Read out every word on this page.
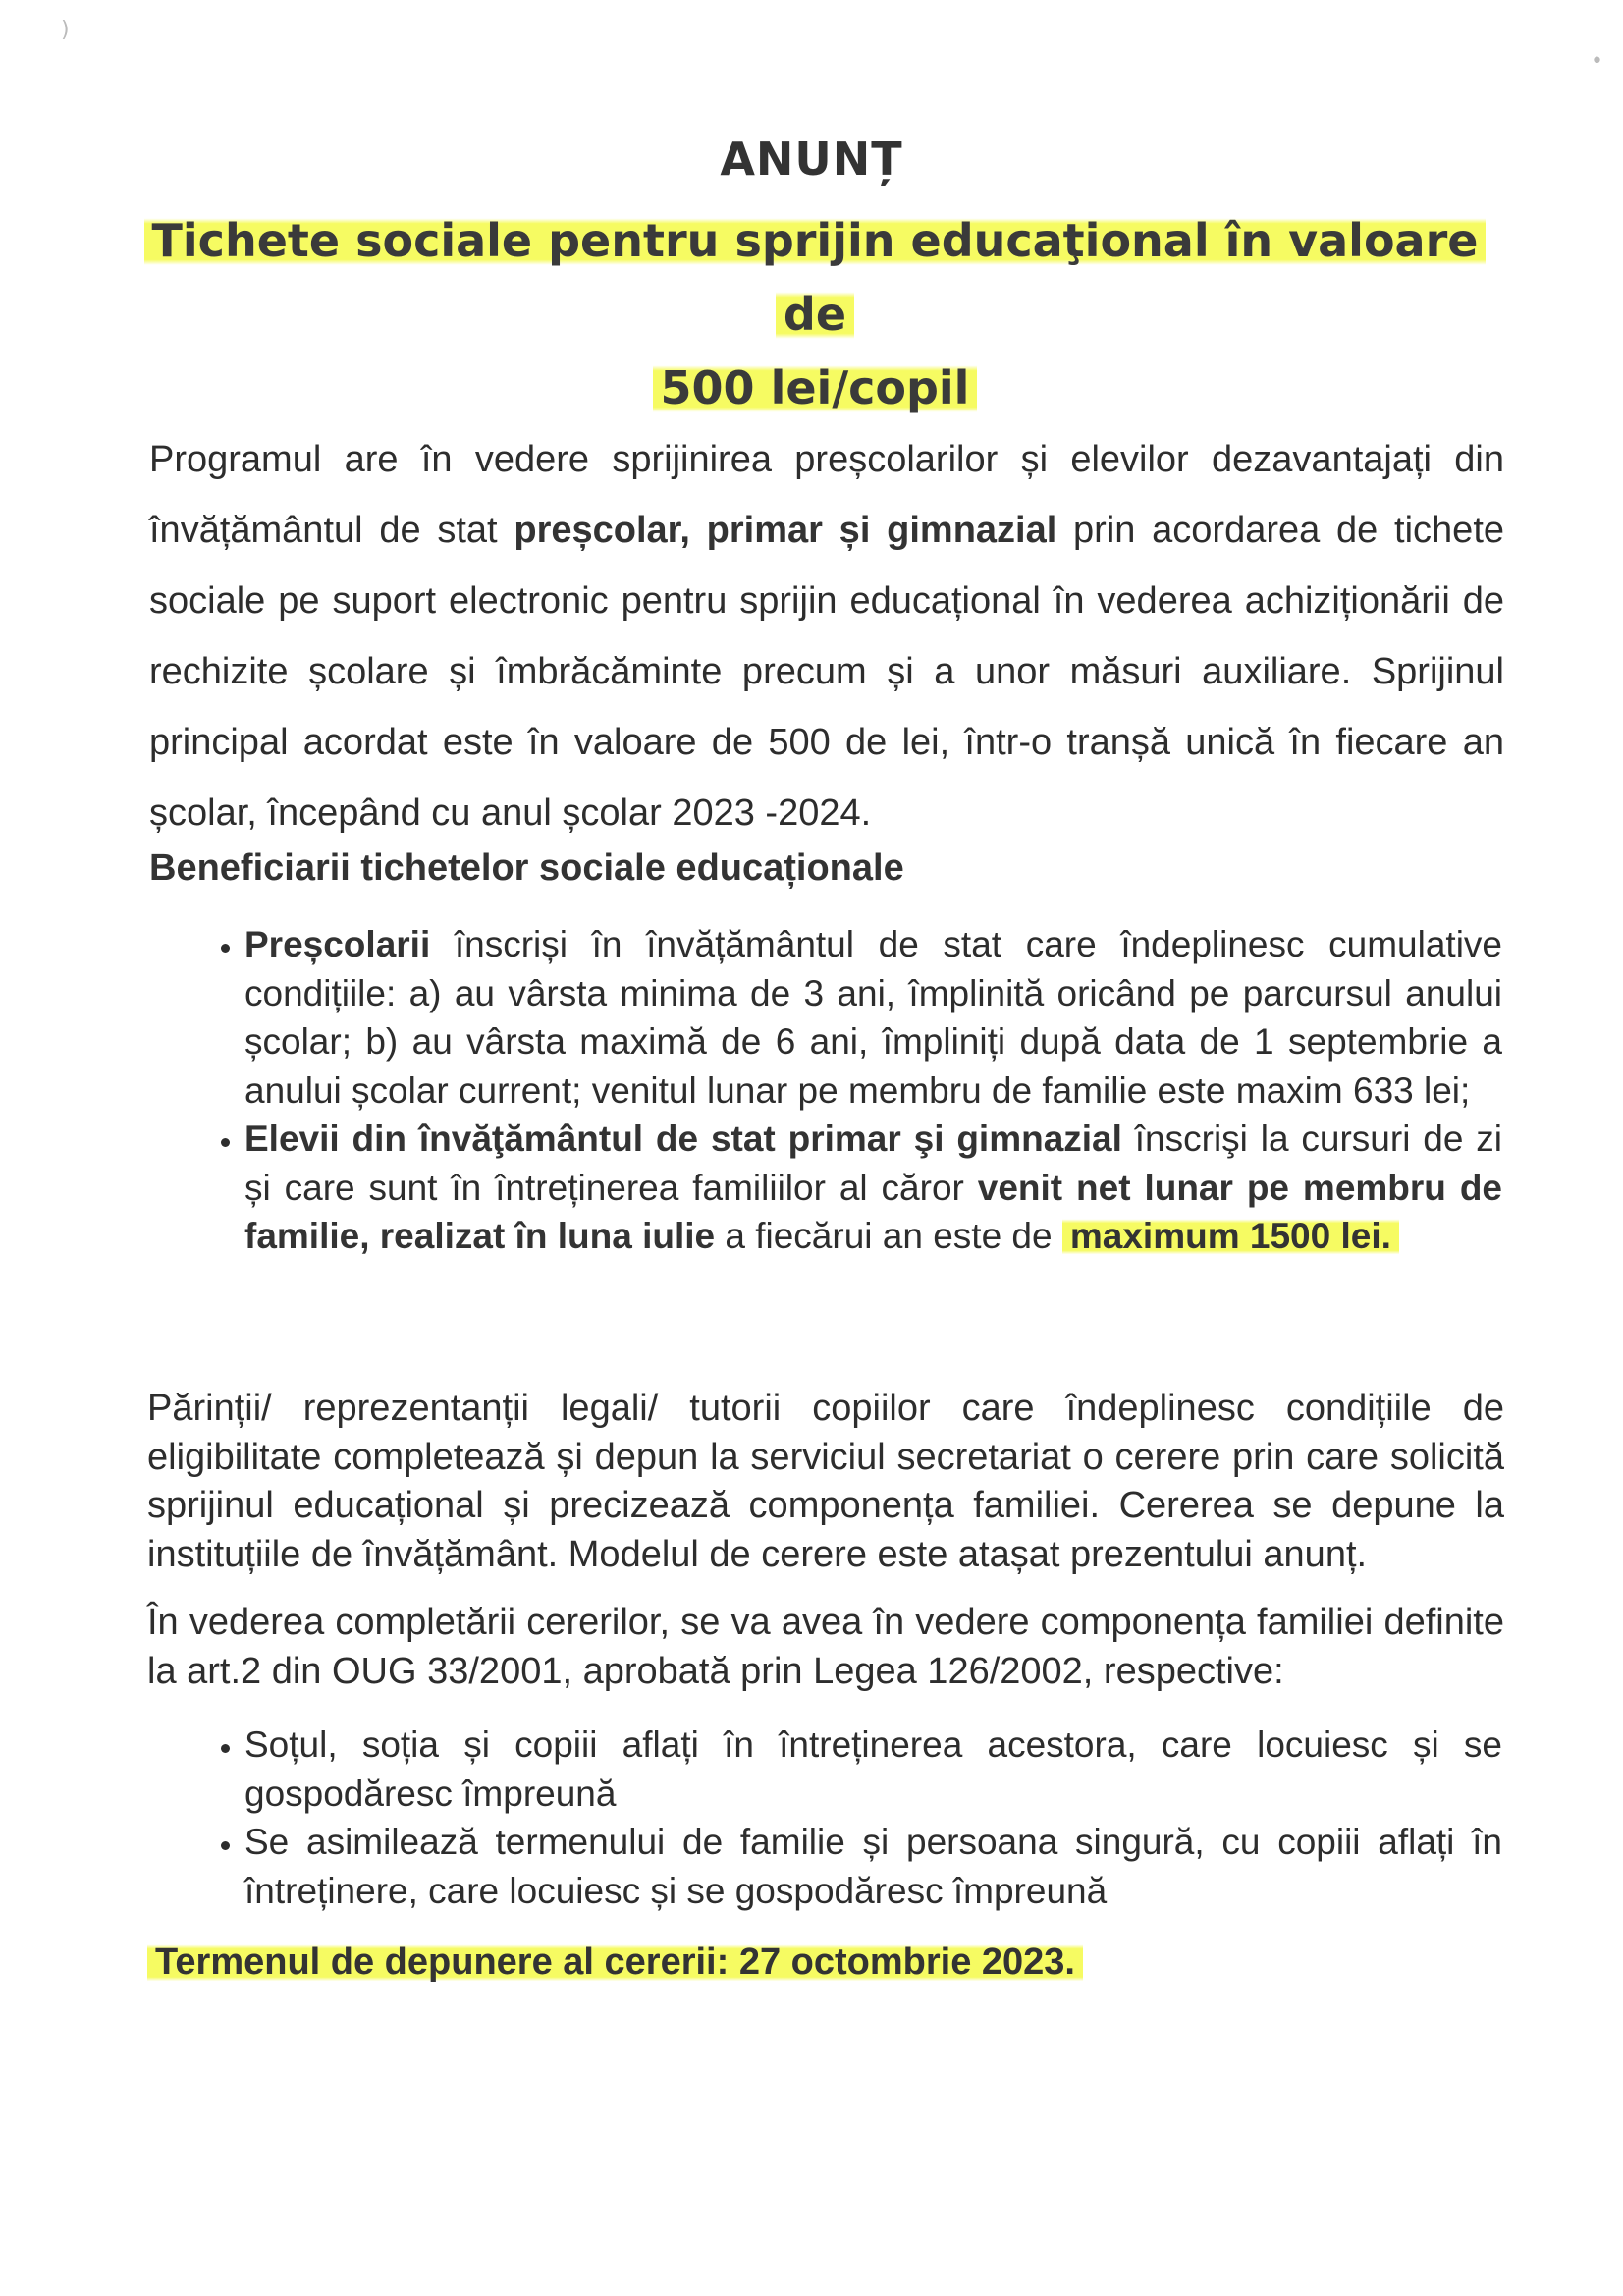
)
•
ANUNȚ
Tichete sociale pentru sprijin educaţional în valoare de
500 lei/copil

Programul are în vedere sprijinirea preșcolarilor și elevilor dezavantajați din învățământul de stat preșcolar, primar și gimnazial prin acordarea de tichete sociale pe suport electronic pentru sprijin educațional în vederea achiziționării de rechizite școlare și îmbrăcăminte precum și a unor măsuri auxiliare. Sprijinul principal acordat este în valoare de 500 de lei, într-o tranșă unică în fiecare an școlar, începând cu anul școlar 2023 -2024.

Beneficiarii tichetelor sociale educaționale

• Preșcolarii înscriși în învățământul de stat care îndeplinesc cumulative condițiile: a) au vârsta minima de 3 ani, împlinită oricând pe parcursul anului școlar; b) au vârsta maximă de 6 ani, împliniți după data de 1 septembrie a anului școlar current; venitul lunar pe membru de familie este maxim 633 lei;
• Elevii din învăţământul de stat primar şi gimnazial înscrişi la cursuri de zi și care sunt în întreținerea familiilor al căror venit net lunar pe membru de familie, realizat în luna iulie a fiecărui an este de maximum 1500 lei.

Părinții/ reprezentanții legali/ tutorii copiilor care îndeplinesc condițiile de eligibilitate completează și depun la serviciul secretariat o cerere prin care solicită sprijinul educațional și precizează componența familiei. Cererea se depune la instituțiile de învățământ. Modelul de cerere este atașat prezentului anunț.

În vederea completării cererilor, se va avea în vedere componența familiei definite la art.2 din OUG 33/2001, aprobată prin Legea 126/2002, respective:

• Soțul, soția și copiii aflați în întreținerea acestora, care locuiesc și se gospodăresc împreună
• Se asimilează termenului de familie și persoana singură, cu copiii aflați în întreținere, care locuiesc și se gospodăresc împreună

Termenul de depunere al cererii: 27 octombrie 2023.
